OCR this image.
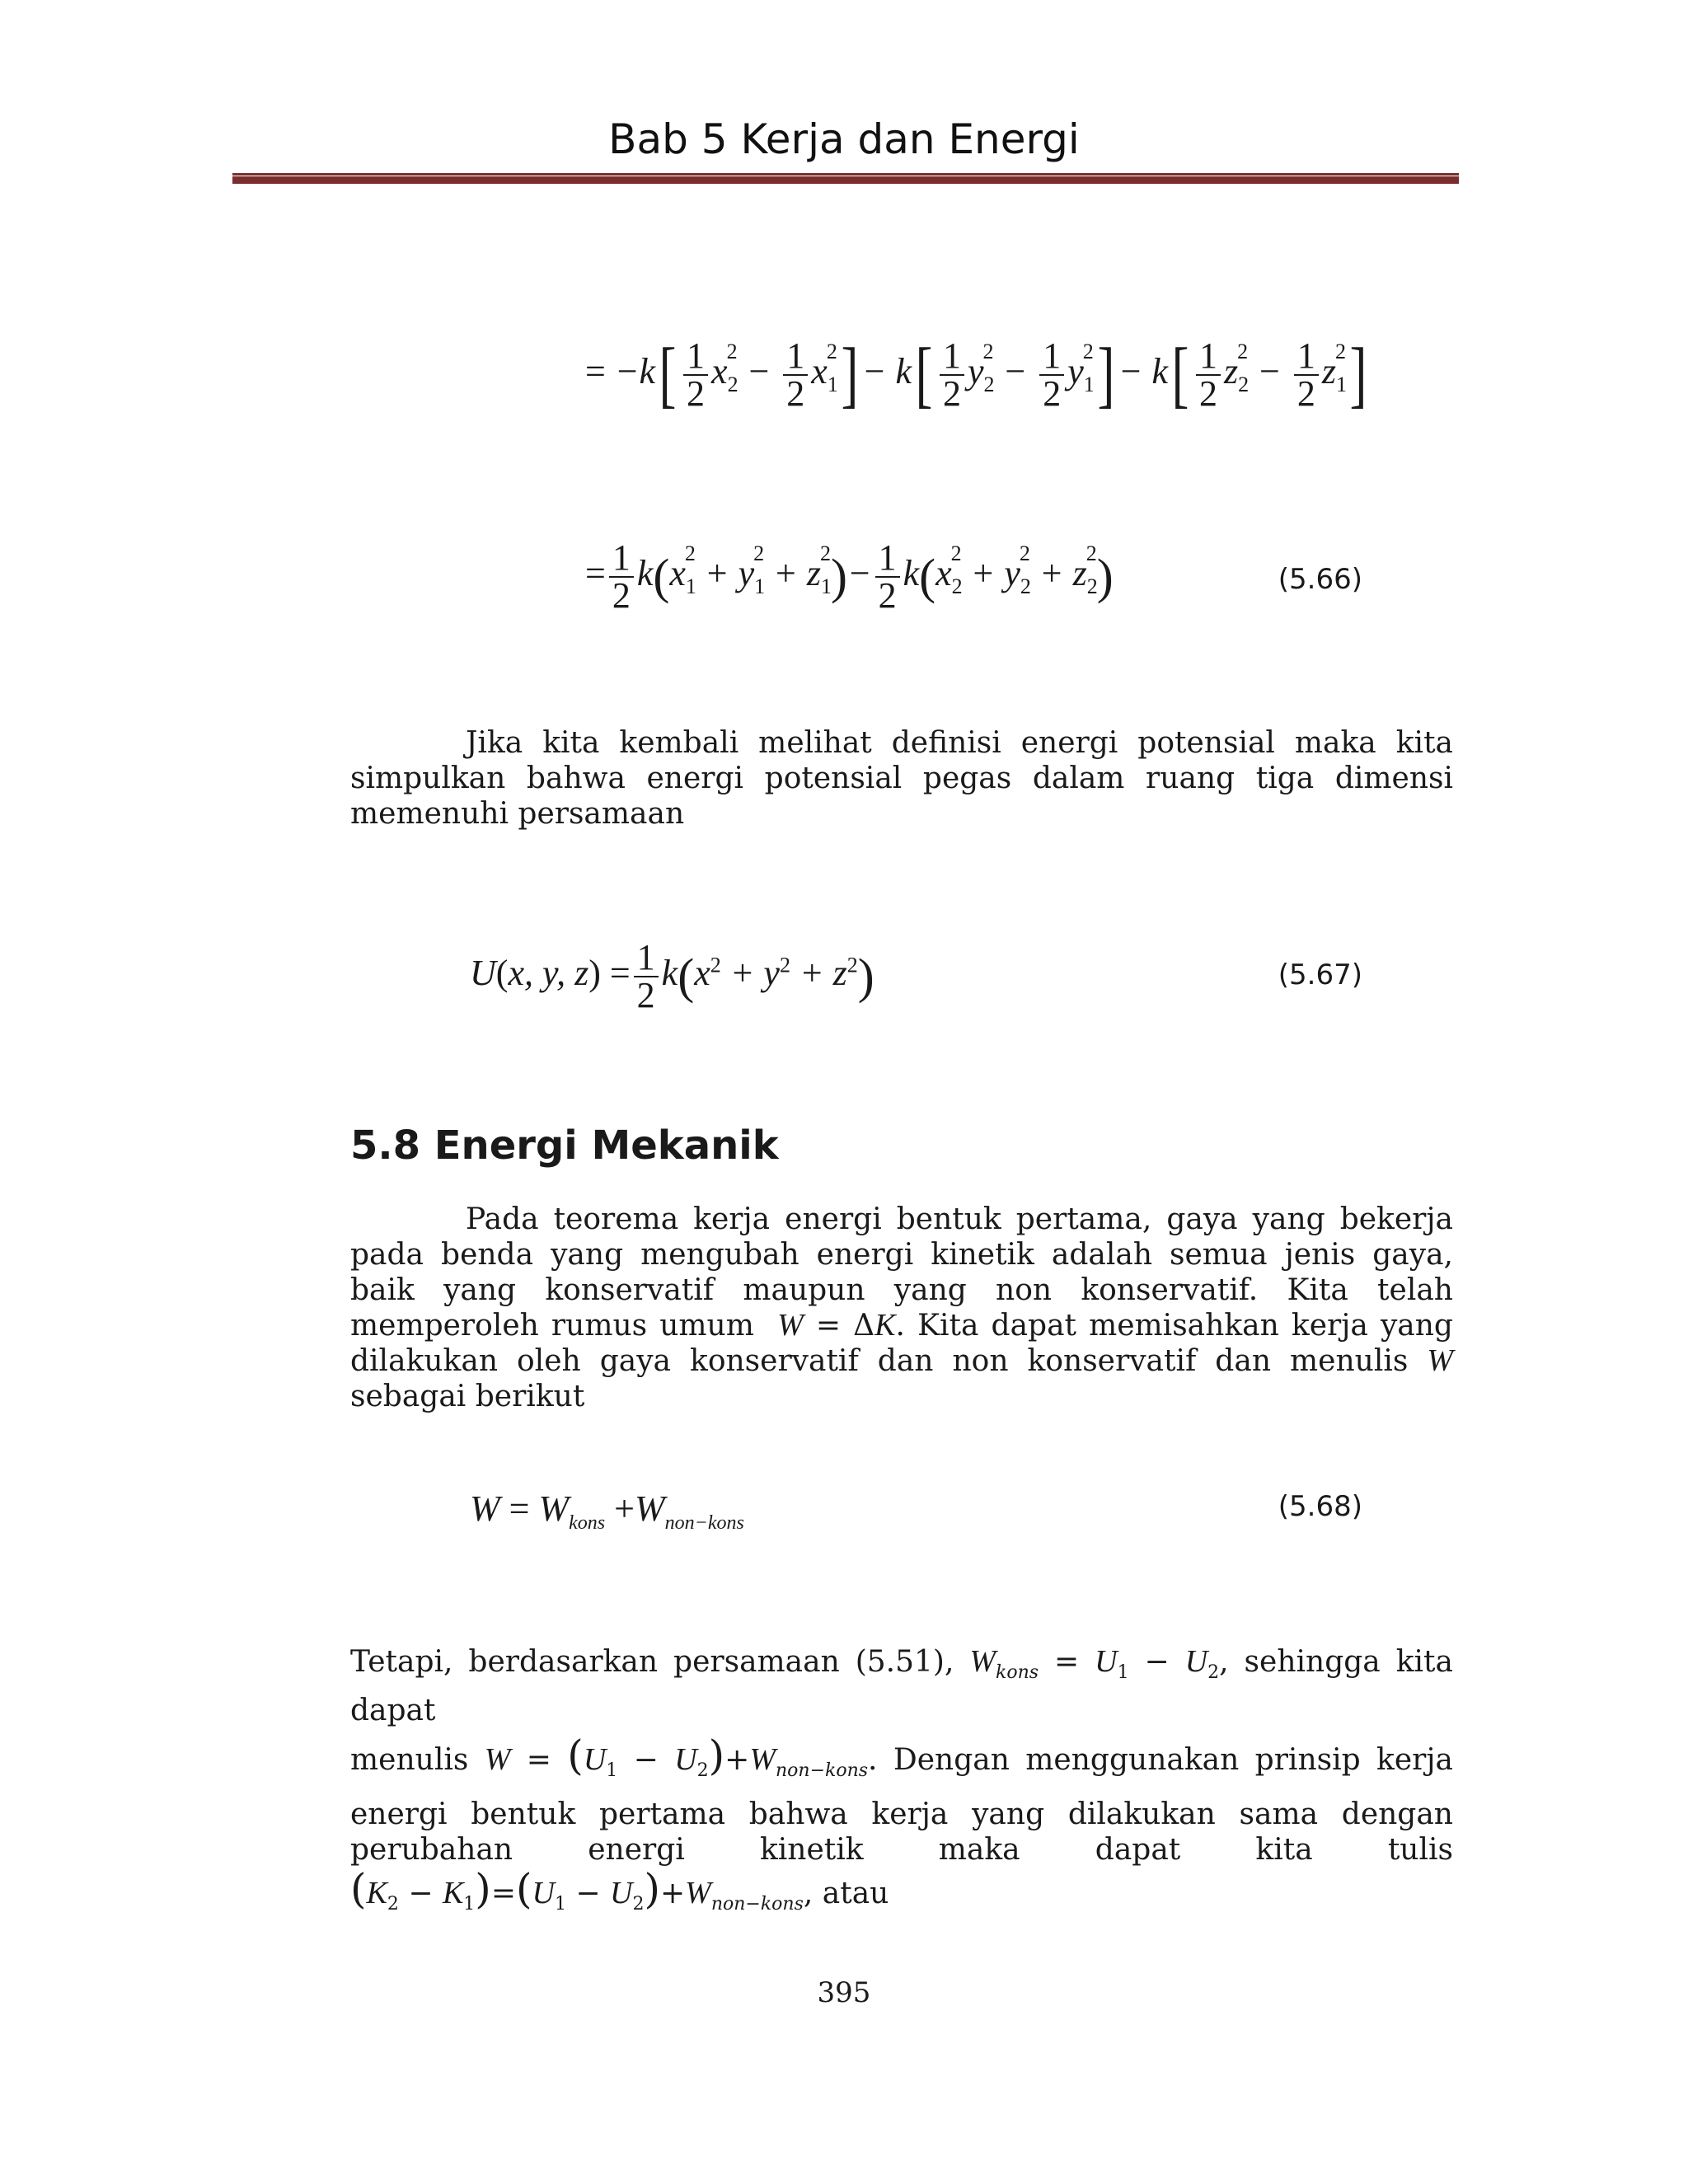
Bab 5 Kerja dan Energi
= $-k[ \frac{1}{2} x_2^2 - \frac{1}{2} x_1^2] - k[ \frac{1}{2} y_2^2 - \frac{1}{2} y_1^2] - k[ \frac{1}{2} z_2^2 - \frac{1}{2} z_1^2]$
= $\frac{1}{2} k(x_1^2 + y_1^2 + z_1^2)- \frac{1}{2} k(x_2^2 + y_2^2 + z_2^2)$	(5.66)
Jika kita kembali melihat definisi energi potensial maka kita simpulkan bahwa energi potensial pegas dalam ruang tiga dimensi memenuhi persamaan
U(x, y, $z) = \frac{1}{2} k(x^2 + y^2 + z^2)$	(5.67)
5.8 Energi Mekanik
Pada teorema kerja energi bentuk pertama, gaya yang bekerja pada benda yang mengubah energi kinetik adalah semua jenis gaya, baik yang konservatif maupun yang non konservatif. Kita telah memperoleh rumus umum  W = ΔK. Kita dapat memisahkan kerja yang dilakukan oleh gaya konservatif dan non konservatif dan menulis W sebagai berikut
$W = W_{kons} +W_{non-kons}$	(5.68)
Tetapi, berdasarkan persamaan (5.51), $W_{kons} = U_1 - U_2$, sehingga kita dapat
menulis $W = (U_1 - U_2)+W_{non-kons}$. Dengan menggunakan prinsip kerja
energi bentuk pertama bahwa kerja yang dilakukan sama dengan
perubahan energi kinetik maka dapat kita tulis
$(K_2 - K_1)=(U_1 - U_2)+W_{non-kons}$, atau
395
